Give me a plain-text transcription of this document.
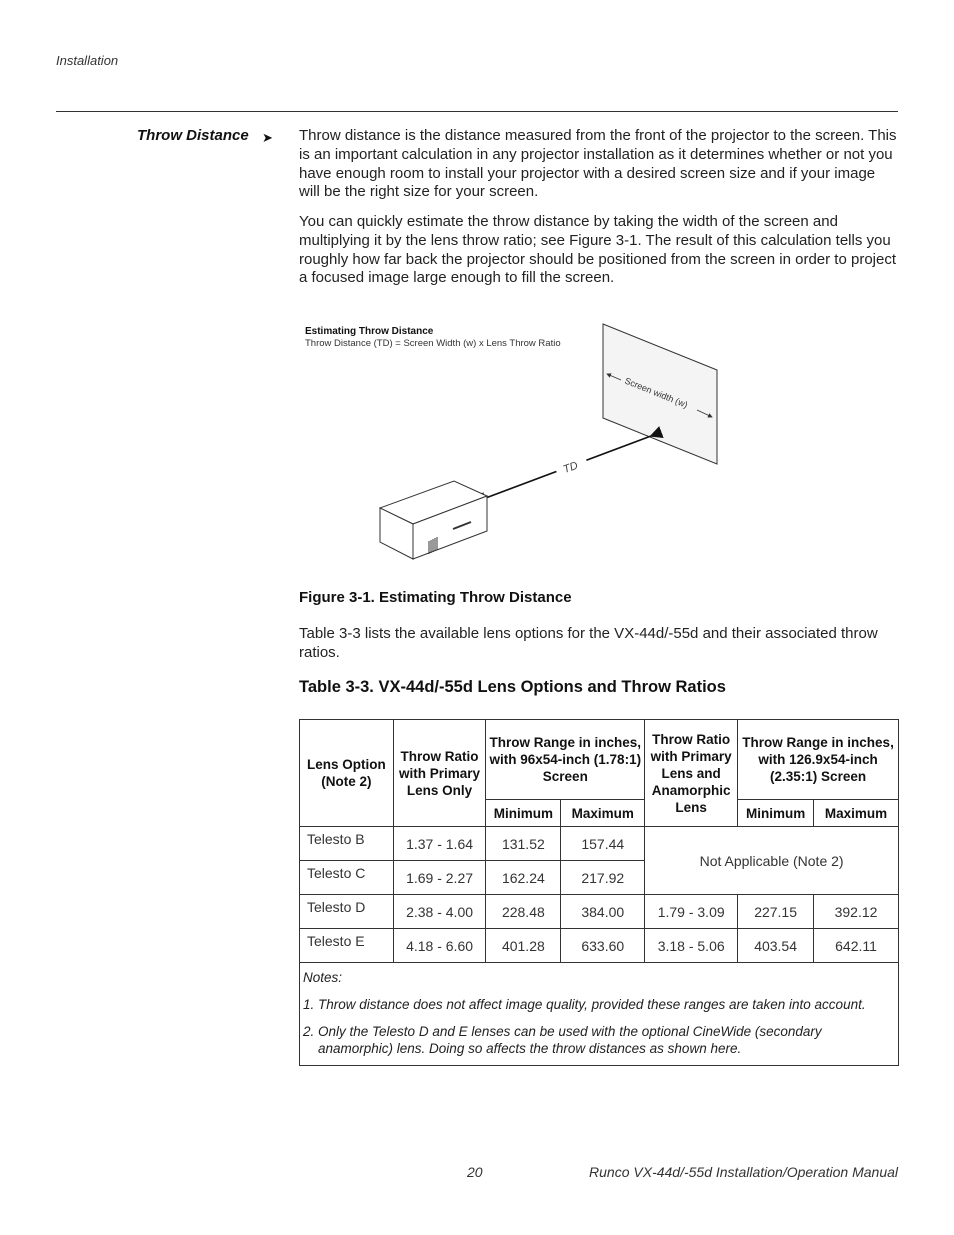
Installation
Throw Distance ➤ Throw distance is the distance measured from the front of the projector to the screen. This is an important calculation in any projector installation as it determines whether or not you have enough room to install your projector with a desired screen size and if your image will be the right size for your screen.

You can quickly estimate the throw distance by taking the width of the screen and multiplying it by the lens throw ratio; see Figure 3-1. The result of this calculation tells you roughly how far back the projector should be positioned from the screen in order to project a focused image large enough to fill the screen.

Estimating Throw Distance
Throw Distance (TD) = Screen Width (w) x Lens Throw Ratio
Screen width (w)
TD
Figure 3-1. Estimating Throw Distance

Table 3-3 lists the available lens options for the VX-44d/-55d and their associated throw ratios.

Table 3-3. VX-44d/-55d Lens Options and Throw Ratios
Lens Option (Note 2)	Throw Ratio with Primary Lens Only	Throw Range in inches, with 96x54-inch (1.78:1) Screen		Throw Ratio with Primary Lens and Anamorphic Lens	Throw Range in inches, with 126.9x54-inch (2.35:1) Screen	
		Minimum	Maximum		Minimum	Maximum
Telesto B	1.37 - 1.64	131.52	157.44	Not Applicable (Note 2)		
Telesto C	1.69 - 2.27	162.24	217.92			
Telesto D	2.38 - 4.00	228.48	384.00	1.79 - 3.09	227.15	392.12
Telesto E	4.18 - 6.60	401.28	633.60	3.18 - 5.06	403.54	642.11

Notes:

1. Throw distance does not affect image quality, provided these ranges are taken into account.

2. Only the Telesto D and E lenses can be used with the optional CineWide (secondary anamorphic) lens. Doing so affects the throw distances as shown here.						

20	Runco VX-44d/-55d Installation/Operation Manual
